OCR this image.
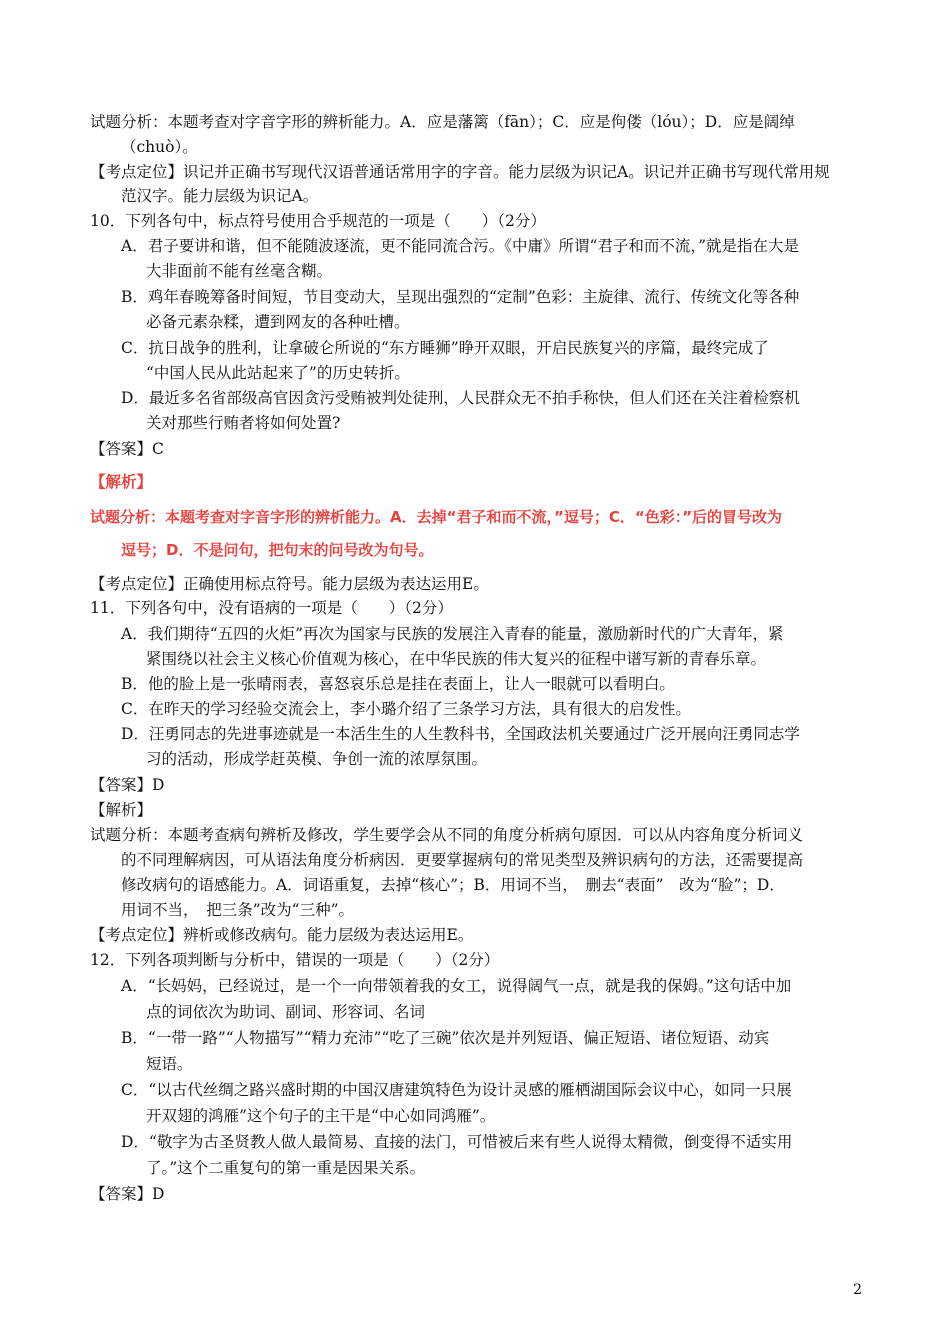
试题分析：本题考查对字音字形的辨析能力。A．应是藩篱（fān）；C．应是佝偻（lóu）；D．应是阔绰
（chuò）。
【考点定位】识记并正确书写现代汉语普通话常用字的字音。能力层级为识记A。识记并正确书写现代常用规
范汉字。能力层级为识记A。
10．下列各句中，标点符号使用合乎规范的一项是（　　）（2分）
A．君子要讲和谐，但不能随波逐流，更不能同流合污。《中庸》所谓“君子和而不流，”就是指在大是
大非面前不能有丝毫含糊。
B．鸡年春晚筹备时间短，节目变动大，呈现出强烈的“定制”色彩：主旋律、流行、传统文化等各种
必备元素杂糅，遭到网友的各种吐槽。
C．抗日战争的胜利，让拿破仑所说的“东方睡狮”睁开双眼，开启民族复兴的序篇，最终完成了
“中国人民从此站起来了”的历史转折。
D．最近多名省部级高官因贪污受贿被判处徒刑，人民群众无不拍手称快，但人们还在关注着检察机
关对那些行贿者将如何处置?
【答案】C
【解析】
试题分析：本题考查对字音字形的辨析能力。A．去掉“君子和而不流，”逗号；C．“色彩：”后的冒号改为
逗号；D．不是问句，把句末的问号改为句号。
【考点定位】正确使用标点符号。能力层级为表达运用E。
11．下列各句中，没有语病的一项是（　　）（2分）
A．我们期待“五四的火炬”再次为国家与民族的发展注入青春的能量，激励新时代的广大青年，紧
紧围绕以社会主义核心价值观为核心，在中华民族的伟大复兴的征程中谱写新的青春乐章。
B．他的脸上是一张晴雨表，喜怒哀乐总是挂在表面上，让人一眼就可以看明白。
C．在昨天的学习经验交流会上，李小璐介绍了三条学习方法，具有很大的启发性。
D．汪勇同志的先进事迹就是一本活生生的人生教科书，全国政法机关要通过广泛开展向汪勇同志学
习的活动，形成学赶英模、争创一流的浓厚氛围。
【答案】D
【解析】
试题分析：本题考查病句辨析及修改，学生要学会从不同的角度分析病句原因．可以从内容角度分析词义
的不同理解病因，可从语法角度分析病因．更要掌握病句的常见类型及辨识病句的方法，还需要提高
修改病句的语感能力。A．词语重复，去掉“核心”；B．用词不当，　删去“表面”　改为“脸”；D．
用词不当，　把三条”改为“三种”。
【考点定位】辨析或修改病句。能力层级为表达运用E。
12．下列各项判断与分析中，错误的一项是（　　）（2分）
A．“长妈妈，已经说过，是一个一向带领着我的女工，说得阔气一点，就是我的保姆。”这句话中加
点的词依次为助词、副词、形容词、名词
B．“一带一路”“人物描写”“精力充沛”“吃了三碗”依次是并列短语、偏正短语、诸位短语、动宾
短语。
C．“以古代丝绸之路兴盛时期的中国汉唐建筑特色为设计灵感的雁栖湖国际会议中心，如同一只展
开双翅的鸿雁”这个句子的主干是“中心如同鸿雁”。
D．“敬字为古圣贤教人做人最简易、直接的法门，可惜被后来有些人说得太精微，倒变得不适实用
了。”这个二重复句的第一重是因果关系。
【答案】D
2
